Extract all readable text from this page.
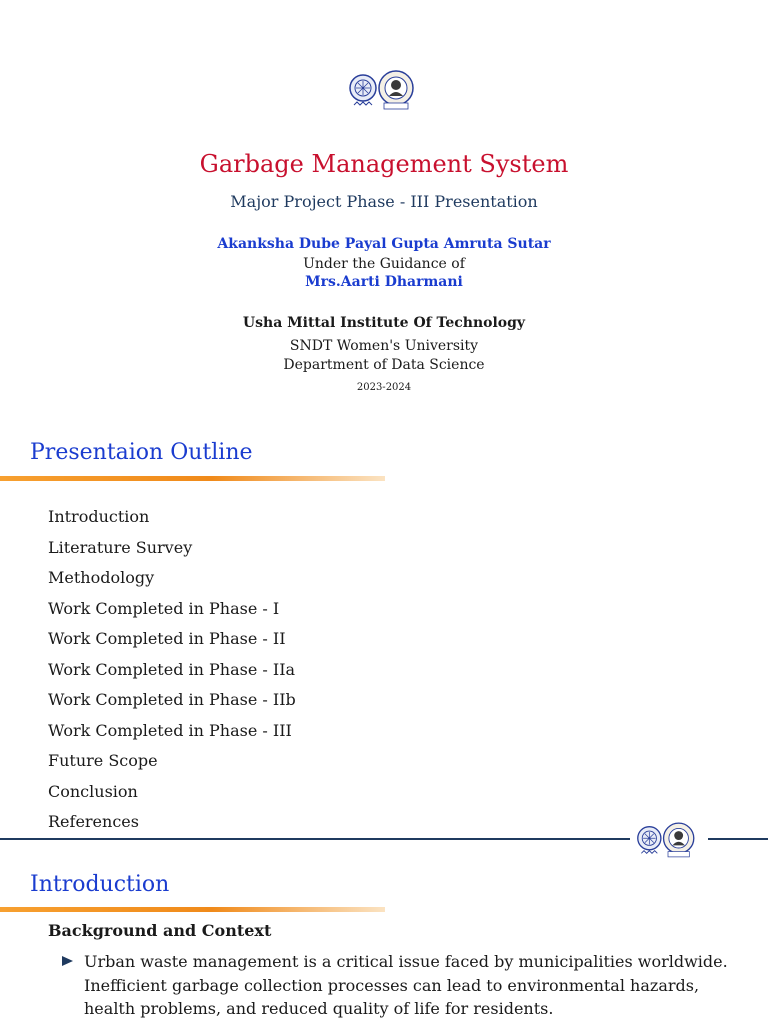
Garbage Management System
Major Project Phase - III Presentation
Akanksha Dube Payal Gupta Amruta Sutar
Under the Guidance of
Mrs.Aarti Dharmani
Usha Mittal Institute Of Technology
SNDT Women's University
Department of Data Science
2023-2024
Presentaion Outline
Introduction
Literature Survey
Methodology
Work Completed in Phase - I
Work Completed in Phase - II
Work Completed in Phase - IIa
Work Completed in Phase - IIb
Work Completed in Phase - III
Future Scope
Conclusion
References
Introduction
Background and Context
Urban waste management is a critical issue faced by municipalities worldwide. Inefficient garbage collection processes can lead to environmental hazards, health problems, and reduced quality of life for residents.
